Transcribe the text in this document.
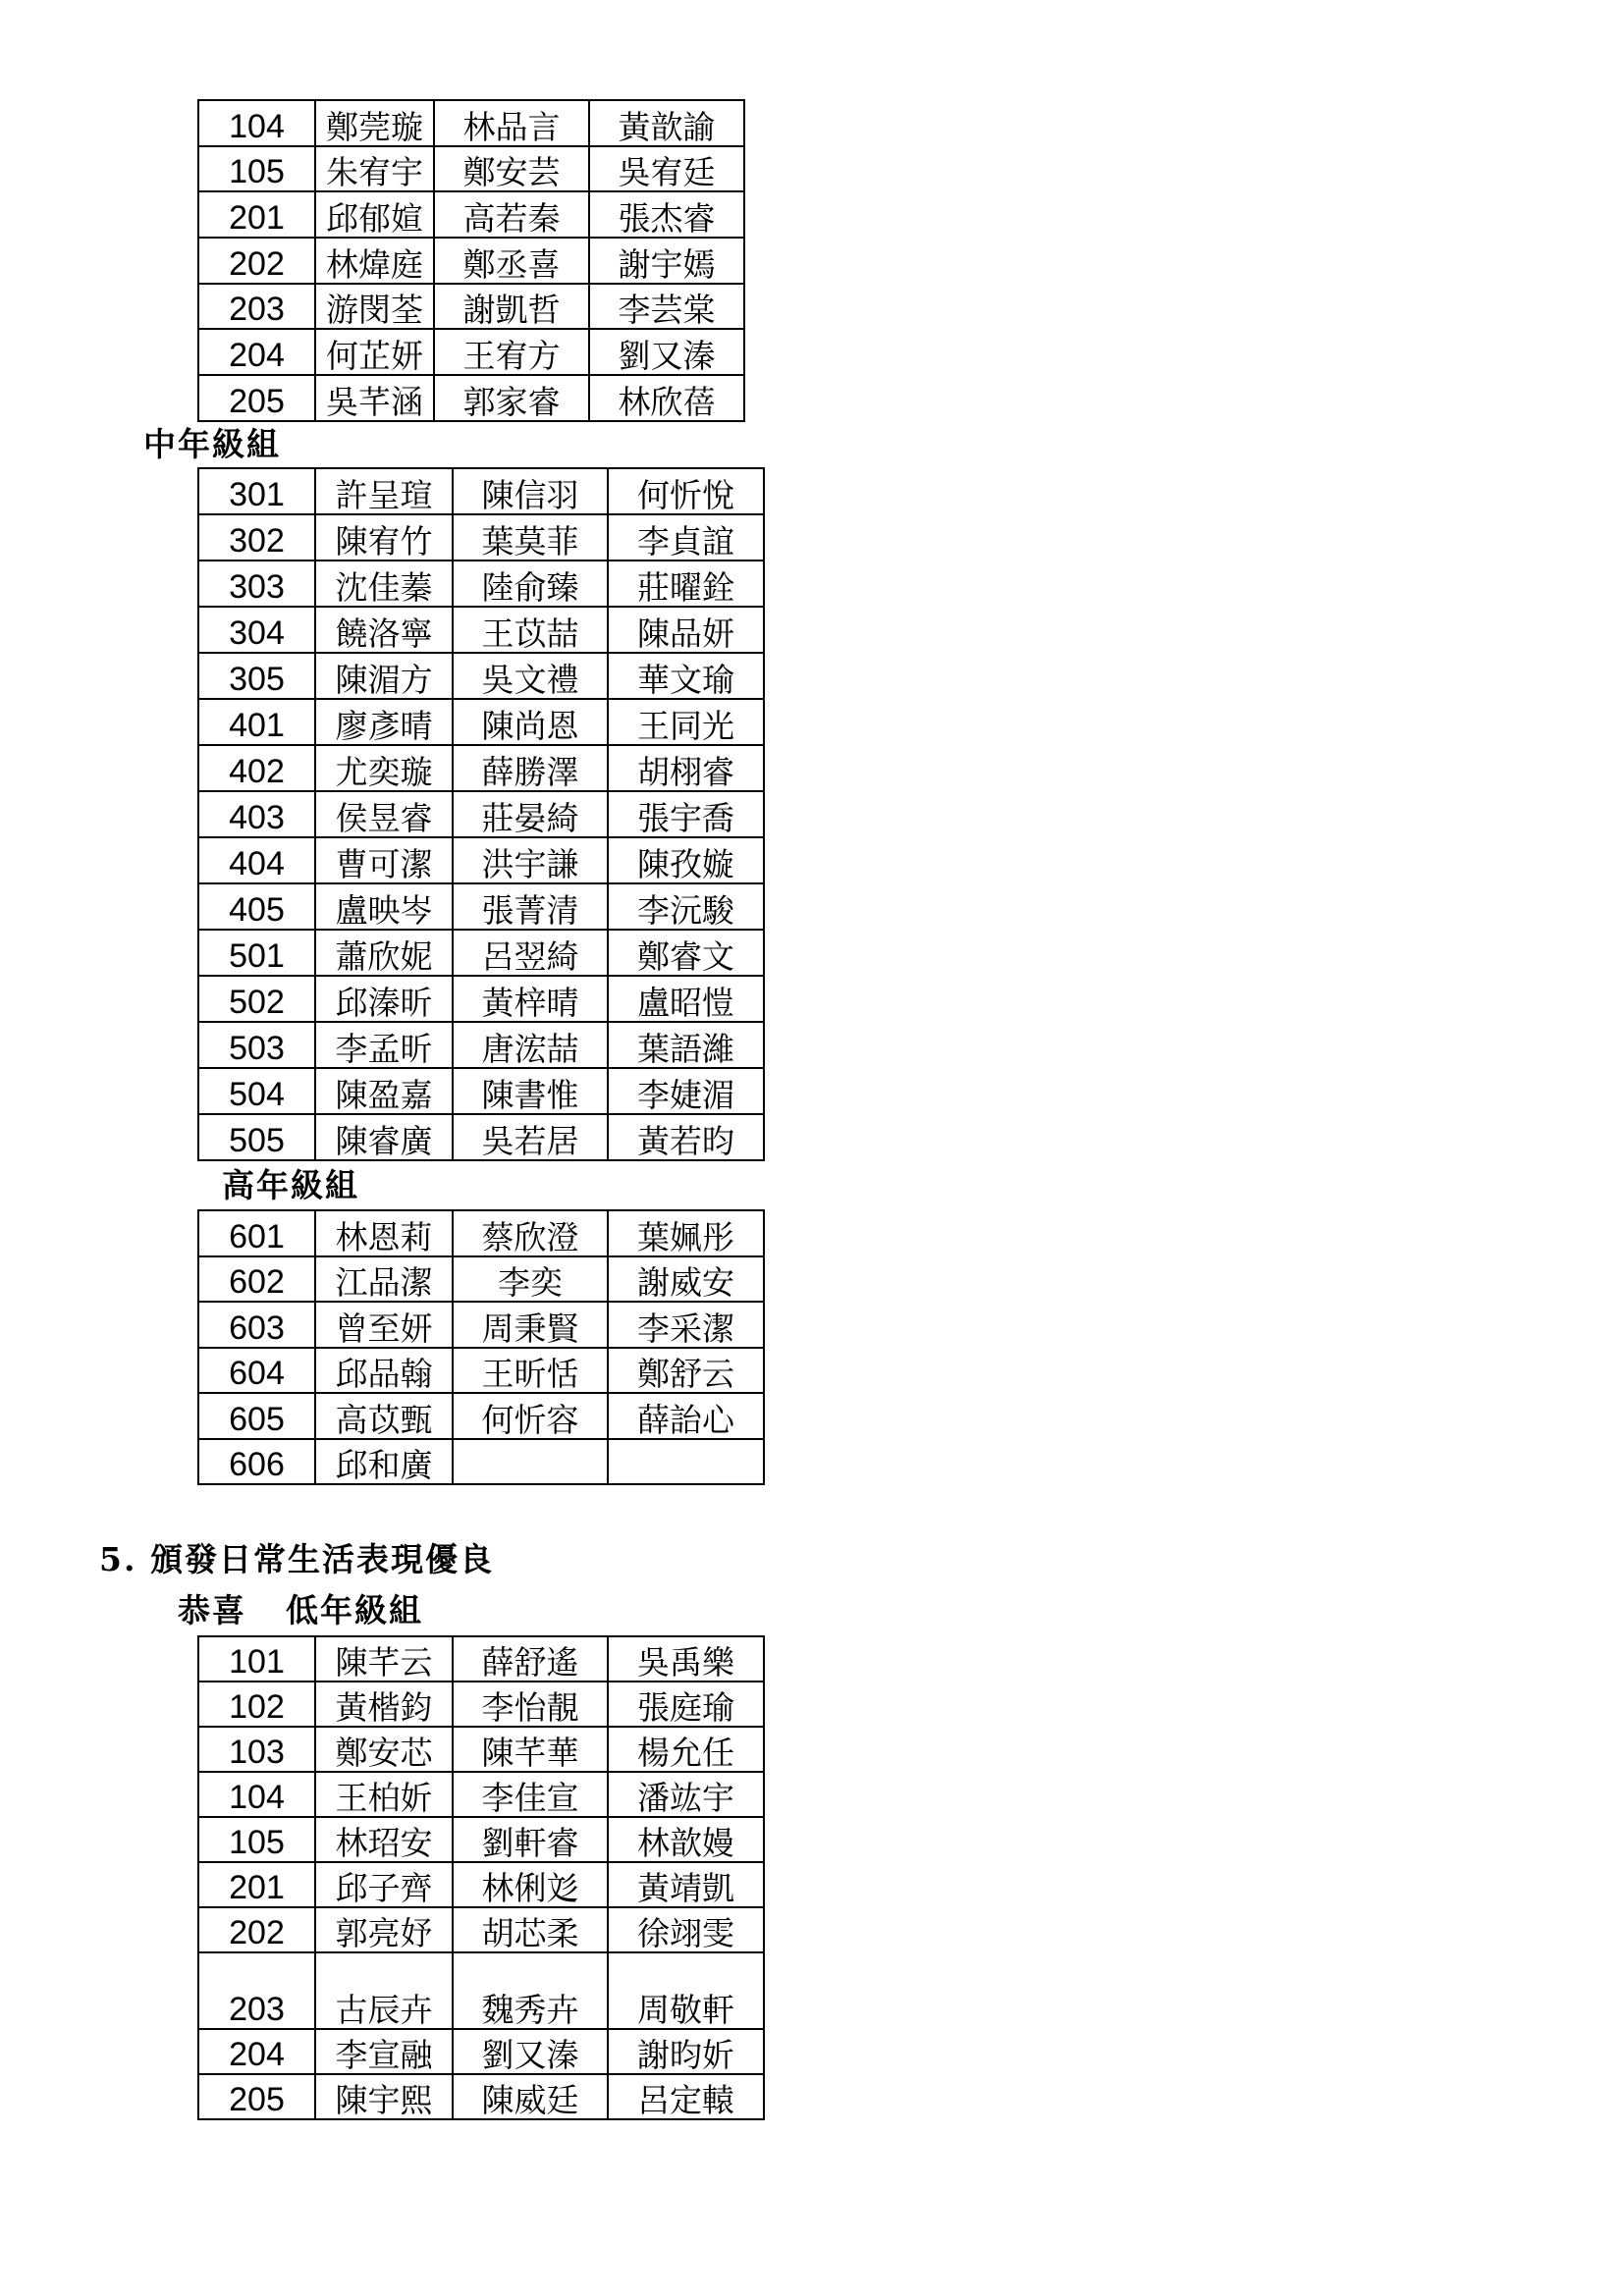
104	鄭莞璇	林品言	黃歆諭
105	朱宥宇	鄭安芸	吳宥廷
201	邱郁媗	高若秦	張杰睿
202	林煒庭	鄭丞喜	謝宇嫣
203	游閔荃	謝凱哲	李芸棠
204	何芷妍	王宥方	劉又溱
205	吳芊涵	郭家睿	林欣蓓
中年級組
301	許呈瑄	陳信羽	何忻悅
302	陳宥竹	葉莫菲	李貞誼
303	沈佳蓁	陸俞臻	莊曜銓
304	饒洛寧	王苡喆	陳品妍
305	陳湄方	吳文禮	華文瑜
401	廖彥晴	陳尚恩	王同光
402	尤奕璇	薛勝澤	胡栩睿
403	侯昱睿	莊晏綺	張宇喬
404	曹可潔	洪宇謙	陳孜嫙
405	盧映岑	張菁清	李沅駿
501	蕭欣妮	呂翌綺	鄭睿文
502	邱溱昕	黃梓晴	盧昭愷
503	李孟昕	唐浤喆	葉語濰
504	陳盈嘉	陳書惟	李婕湄
505	陳睿廣	吳若居	黃若昀
高年級組
601	林恩莉	蔡欣澄	葉姵彤
602	江品潔	李奕	謝威安
603	曾至妍	周秉賢	李采潔
604	邱品翰	王昕恬	鄭舒云
605	高苡甄	何忻容	薛詒心
606	邱和廣		
5. 頒發日常生活表現優良
恭喜 低年級組
101	陳芊云	薛舒遙	吳禹樂
102	黃楷鈞	李怡靚	張庭瑜
103	鄭安芯	陳芊華	楊允任
104	王柏妡	李佳宣	潘竑宇
105	林玿安	劉軒睿	林歆嫚
201	邱子齊	林俐彣	黃靖凱
202	郭亮妤	胡芯柔	徐翊雯
203	古辰卉	魏秀卉	周敬軒
204	李宣融	劉又溱	謝昀妡
205	陳宇熙	陳威廷	呂定轅
